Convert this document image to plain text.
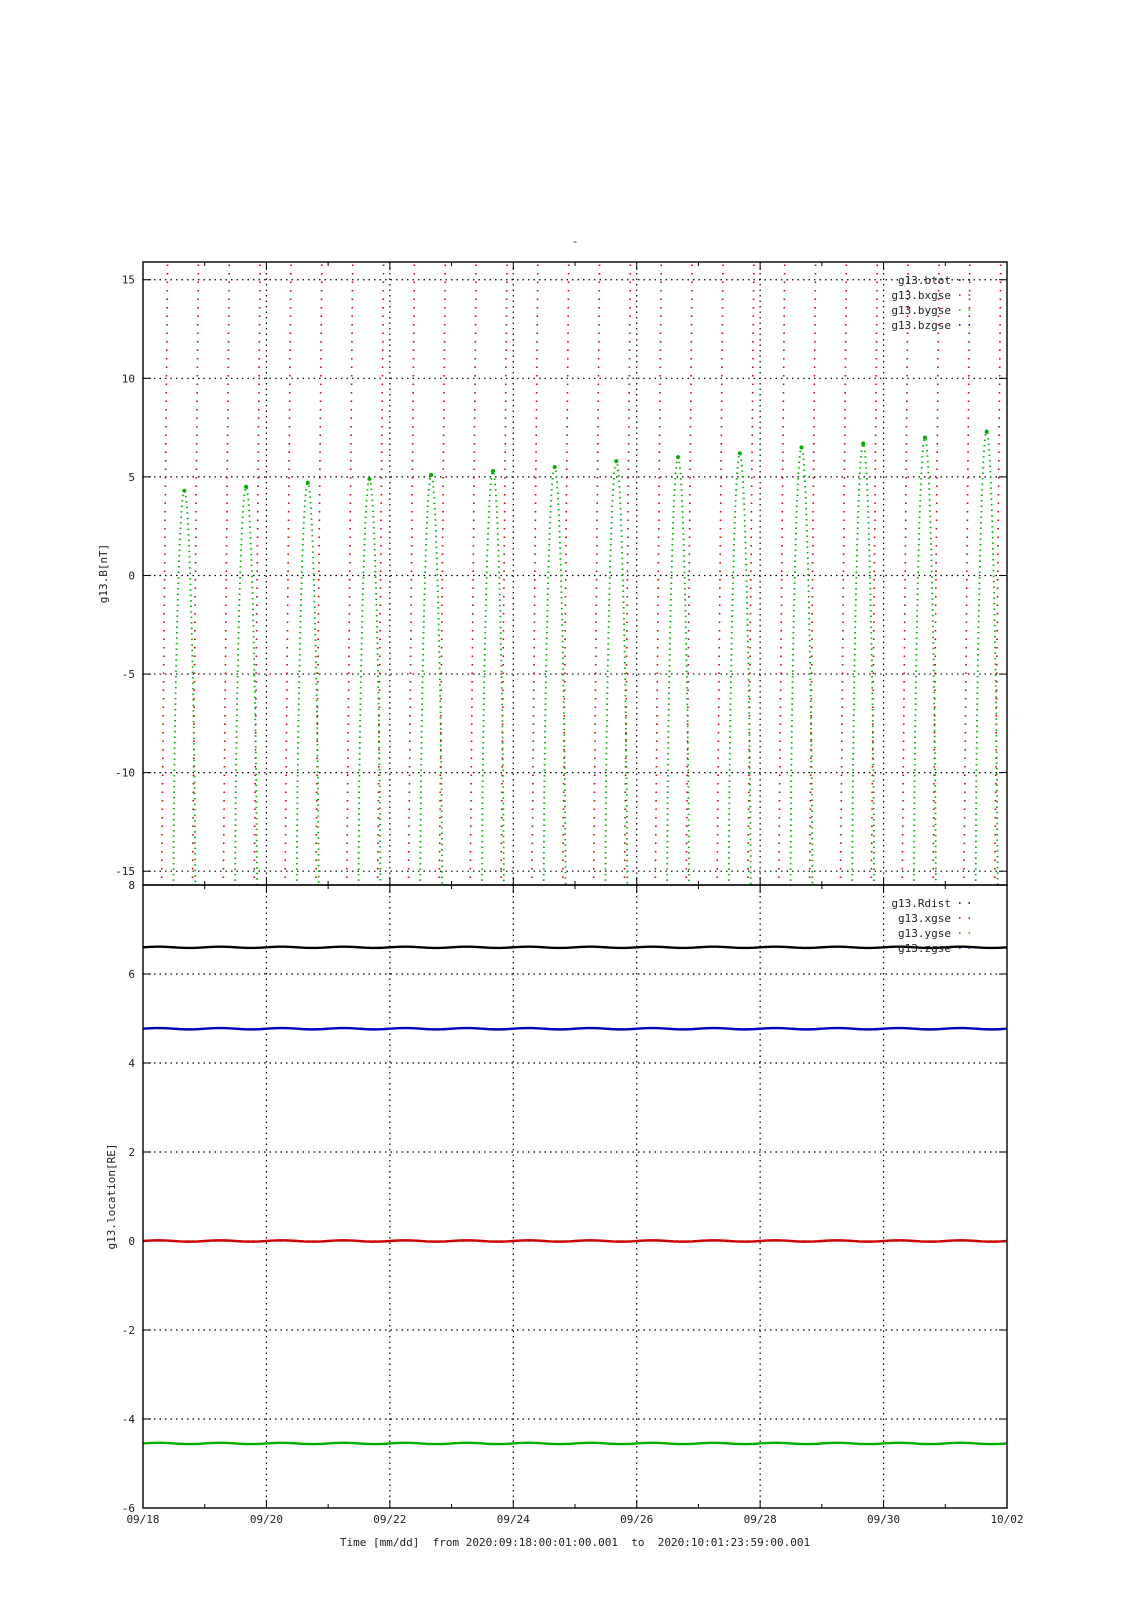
-
15
10
5
0
-5
-10
-15
g13.B[nT]
g13.btot
g13.bxgse
g13.bygse
g13.bzgse
8
6
4
2
0
-2
-4
-6
g13.location[RE]
g13.Rdist
g13.xgse
g13.ygse
g13.zgse
Time [mm/dd]  from 2020:09:18:00:01:00.001  to  2020:10:01:23:59:00.001
09/18	09/20	09/22	09/24	09/26	09/28	09/30	10/02
